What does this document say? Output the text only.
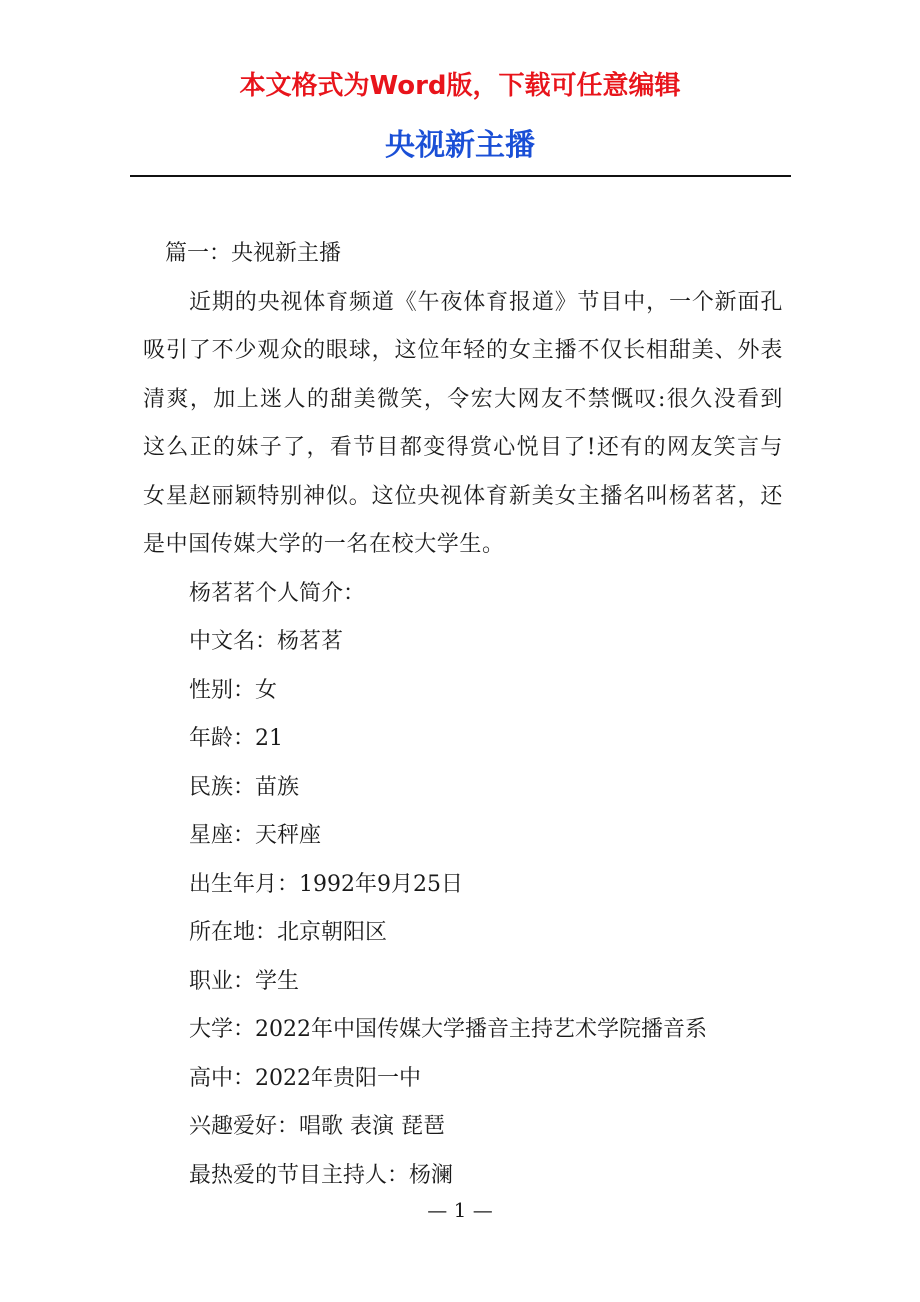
本文格式为Word版，下载可任意编辑
央视新主播
篇一：央视新主播
近期的央视体育频道《午夜体育报道》节目中，一个新面孔吸引了不少观众的眼球，这位年轻的女主播不仅长相甜美、外表清爽，加上迷人的甜美微笑，令宏大网友不禁慨叹:很久没看到这么正的妹子了，看节目都变得赏心悦目了!还有的网友笑言与女星赵丽颖特别神似。这位央视体育新美女主播名叫杨茗茗，还是中国传媒大学的一名在校大学生。
杨茗茗个人简介：
中文名：杨茗茗
性别：女
年龄：21
民族：苗族
星座：天秤座
出生年月：1992年9月25日
所在地：北京朝阳区
职业：学生
大学：2022年中国传媒大学播音主持艺术学院播音系
高中：2022年贵阳一中
兴趣爱好：唱歌 表演 琵琶
最热爱的节目主持人：杨澜
— 1 —
